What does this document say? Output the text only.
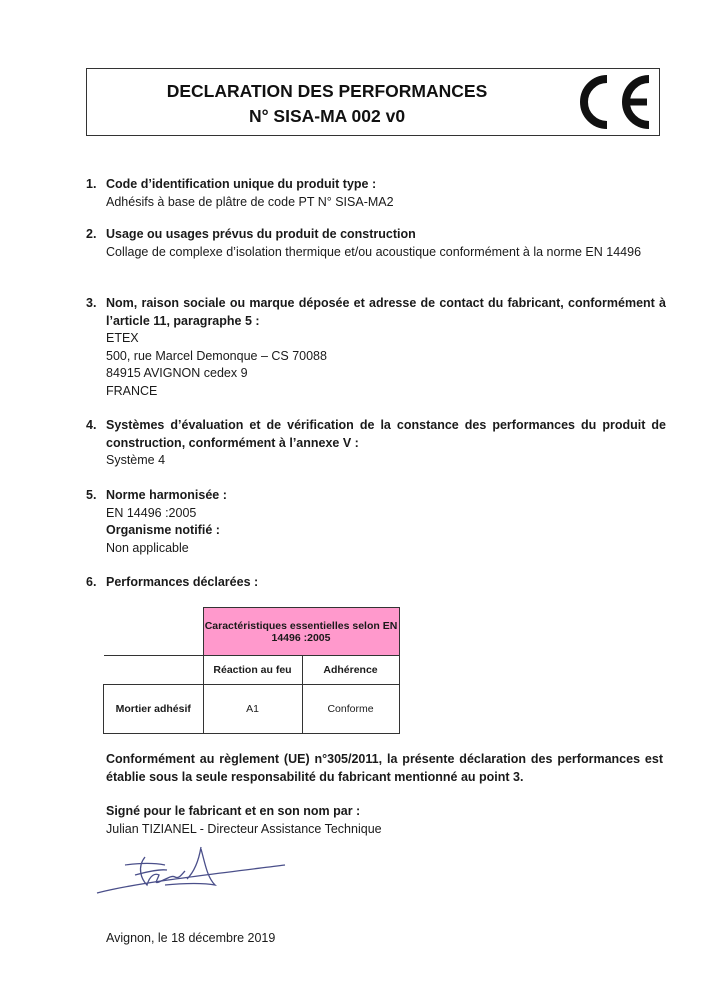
DECLARATION DES PERFORMANCES
N° SISA-MA 002 v0
1. Code d’identification unique du produit type :
Adhésifs à base de plâtre de code PT N° SISA-MA2
2. Usage ou usages prévus du produit de construction
Collage de complexe d’isolation thermique et/ou acoustique conformément à la norme EN 14496
3. Nom, raison sociale ou marque déposée et adresse de contact du fabricant, conformément à l’article 11, paragraphe 5 :
ETEX
500, rue Marcel Demonque – CS 70088
84915 AVIGNON cedex 9
FRANCE
4. Systèmes d’évaluation et de vérification de la constance des performances du produit de construction, conformément à l’annexe V :
Système 4
5. Norme harmonisée :
EN 14496 :2005
Organisme notifié :
Non applicable
6. Performances déclarées :
	Caractéristiques essentielles selon EN 14496 :2005	
	Réaction au feu	Adhérence
Mortier adhésif	A1	Conforme
Conformément au règlement (UE) n°305/2011, la présente déclaration des performances est établie sous la seule responsabilité du fabricant mentionné au point 3.
Signé pour le fabricant et en son nom par :
Julian TIZIANEL - Directeur Assistance Technique
Avignon, le 18 décembre 2019
